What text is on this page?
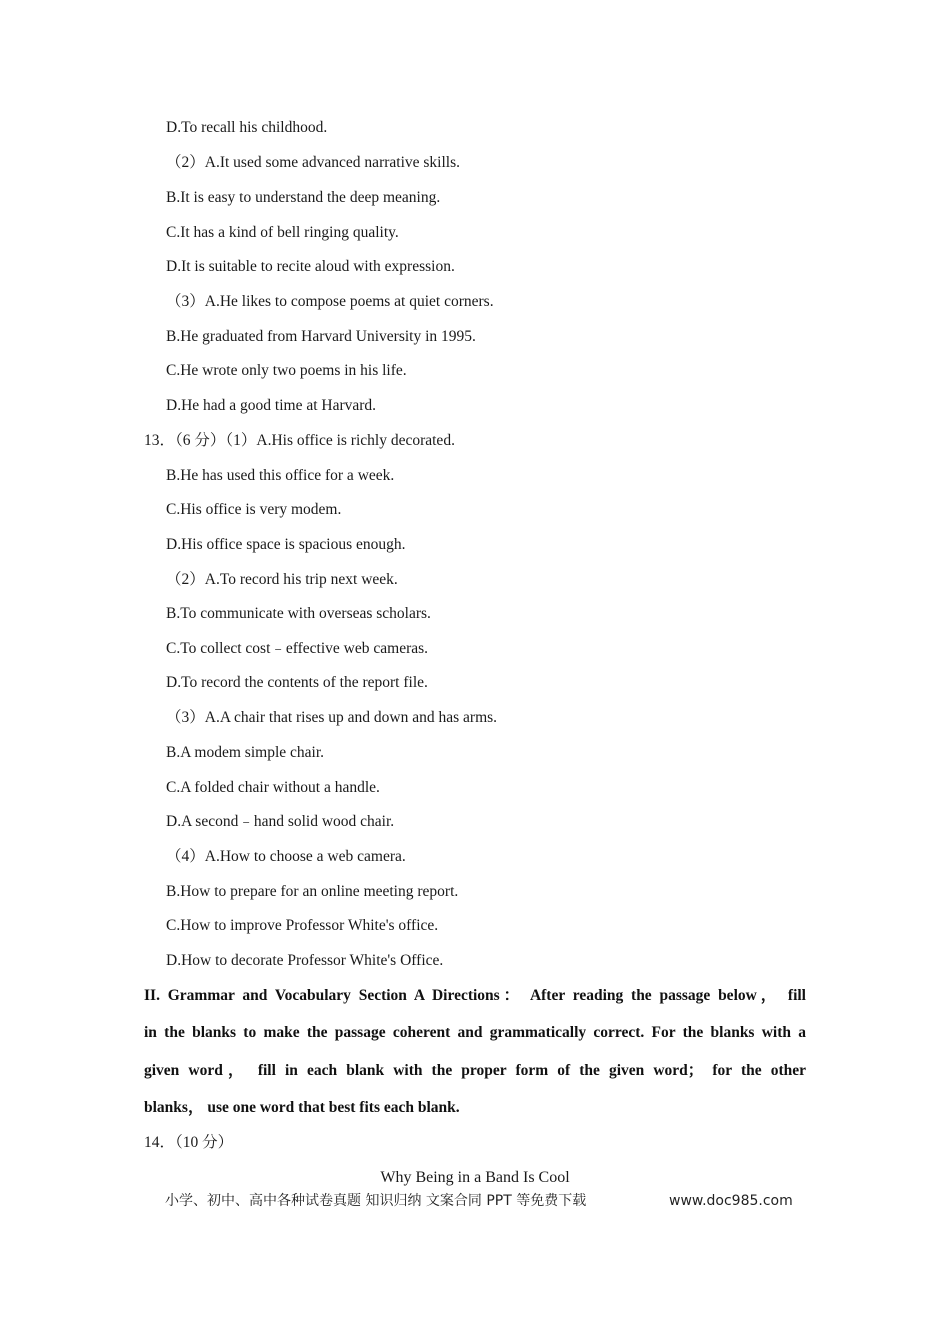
D.To recall his childhood.
（2）A.It used some advanced narrative skills.
B.It is easy to understand the deep meaning.
C.It has a kind of bell ringing quality.
D.It is suitable to recite aloud with expression.
（3）A.He likes to compose poems at quiet corners.
B.He graduated from Harvard University in 1995.
C.He wrote only two poems in his life.
D.He had a good time at Harvard.
13．（6 分）（1）A.His office is richly decorated.
B.He has used this office for a week.
C.His office is very modem.
D.His office space is spacious enough.
（2）A.To record his trip next week.
B.To communicate with overseas scholars.
C.To collect cost﹣effective web cameras.
D.To record the contents of the report file.
（3）A.A chair that rises up and down and has arms.
B.A modem simple chair.
C.A folded chair without a handle.
D.A second﹣hand solid wood chair.
（4）A.How to choose a web camera.
B.How to prepare for an online meeting report.
C.How to improve Professor White's office.
D.How to decorate Professor White's Office.
II. Grammar and Vocabulary Section A Directions： After reading the passage below， fill
in the blanks to make the passage coherent and grammatically correct. For the blanks with a
given word， fill in each blank with the proper form of the given word； for the other
blanks， use one word that best fits each blank.
14．（10 分）
Why Being in a Band Is Cool
小学、初中、高中各种试卷真题 知识归纳 文案合同 PPT 等免费下载	www.doc985.com
